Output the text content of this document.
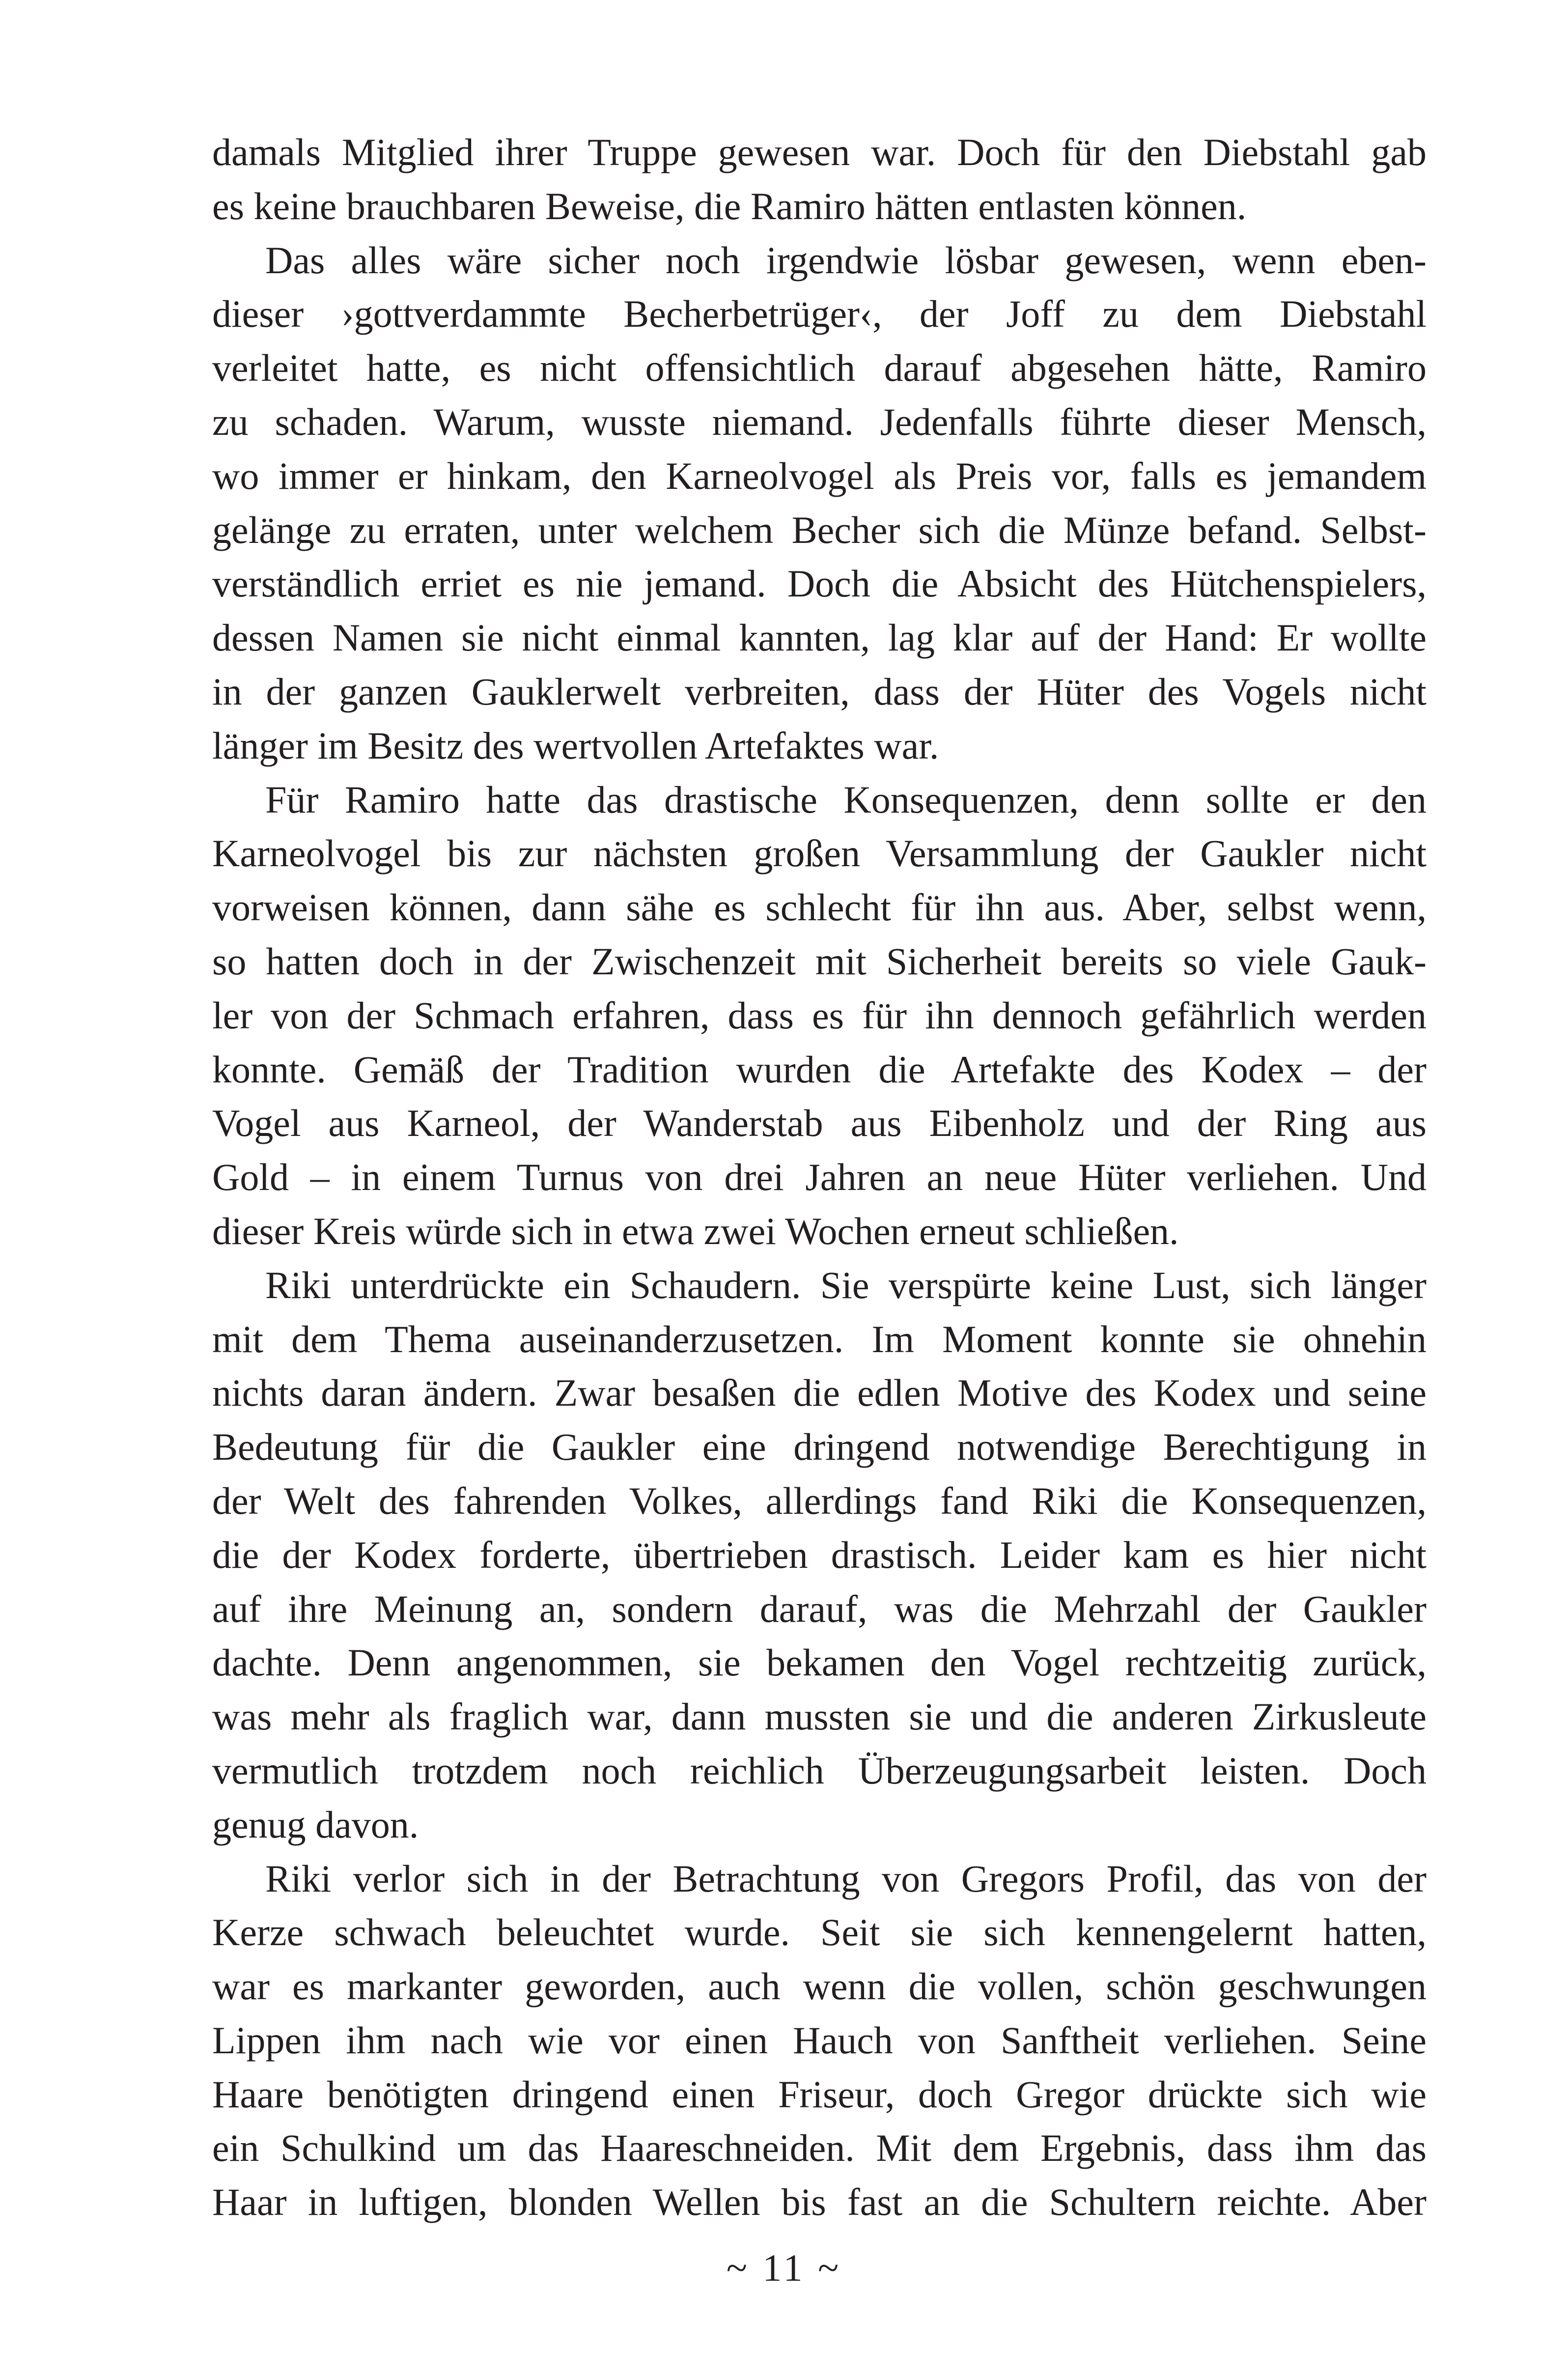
damals Mitglied ihrer Truppe gewesen war. Doch für den Diebstahl gab
es keine brauchbaren Beweise, die Ramiro hätten entlasten können.
Das alles wäre sicher noch irgendwie lösbar gewesen, wenn eben-
dieser ›gottverdammte Becherbetrüger‹, der Joff zu dem Diebstahl
verleitet hatte, es nicht offensichtlich darauf abgesehen hätte, Ramiro
zu schaden. Warum, wusste niemand. Jedenfalls führte dieser Mensch,
wo immer er hinkam, den Karneolvogel als Preis vor, falls es jemandem
gelänge zu erraten, unter welchem Becher sich die Münze befand. Selbst-
verständlich erriet es nie jemand. Doch die Absicht des Hütchenspielers,
dessen Namen sie nicht einmal kannten, lag klar auf der Hand: Er wollte
in der ganzen Gauklerwelt verbreiten, dass der Hüter des Vogels nicht
länger im Besitz des wertvollen Artefaktes war.
Für Ramiro hatte das drastische Konsequenzen, denn sollte er den
Karneolvogel bis zur nächsten großen Versammlung der Gaukler nicht
vorweisen können, dann sähe es schlecht für ihn aus. Aber, selbst wenn,
so hatten doch in der Zwischenzeit mit Sicherheit bereits so viele Gauk-
ler von der Schmach erfahren, dass es für ihn dennoch gefährlich werden
konnte. Gemäß der Tradition wurden die Artefakte des Kodex – der
Vogel aus Karneol, der Wanderstab aus Eibenholz und der Ring aus
Gold – in einem Turnus von drei Jahren an neue Hüter verliehen. Und
dieser Kreis würde sich in etwa zwei Wochen erneut schließen.
Riki unterdrückte ein Schaudern. Sie verspürte keine Lust, sich länger
mit dem Thema auseinanderzusetzen. Im Moment konnte sie ohnehin
nichts daran ändern. Zwar besaßen die edlen Motive des Kodex und seine
Bedeutung für die Gaukler eine dringend notwendige Berechtigung in
der Welt des fahrenden Volkes, allerdings fand Riki die Konsequenzen,
die der Kodex forderte, übertrieben drastisch. Leider kam es hier nicht
auf ihre Meinung an, sondern darauf, was die Mehrzahl der Gaukler
dachte. Denn angenommen, sie bekamen den Vogel rechtzeitig zurück,
was mehr als fraglich war, dann mussten sie und die anderen Zirkusleute
vermutlich trotzdem noch reichlich Überzeugungsarbeit leisten. Doch
genug davon.
Riki verlor sich in der Betrachtung von Gregors Profil, das von der
Kerze schwach beleuchtet wurde. Seit sie sich kennengelernt hatten,
war es markanter geworden, auch wenn die vollen, schön geschwungen
Lippen ihm nach wie vor einen Hauch von Sanftheit verliehen. Seine
Haare benötigten dringend einen Friseur, doch Gregor drückte sich wie
ein Schulkind um das Haareschneiden. Mit dem Ergebnis, dass ihm das
Haar in luftigen, blonden Wellen bis fast an die Schultern reichte. Aber
~ 11 ~
